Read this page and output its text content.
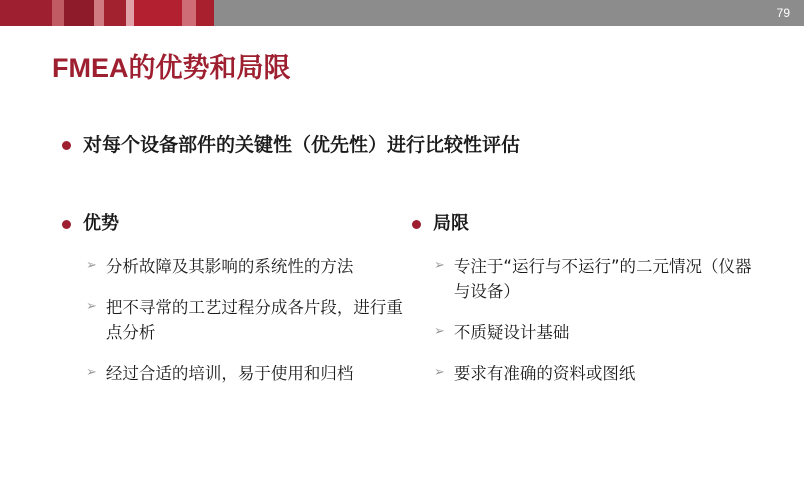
79
FMEA的优势和局限
对每个设备部件的关键性（优先性）进行比较性评估
优势
➢ 分析故障及其影响的系统性的方法
➢ 把不寻常的工艺过程分成各片段，进行重点分析
➢ 经过合适的培训，易于使用和归档
局限
➢ 专注于“运行与不运行”的二元情况（仪器与设备）
➢ 不质疑设计基础
➢ 要求有准确的资料或图纸
